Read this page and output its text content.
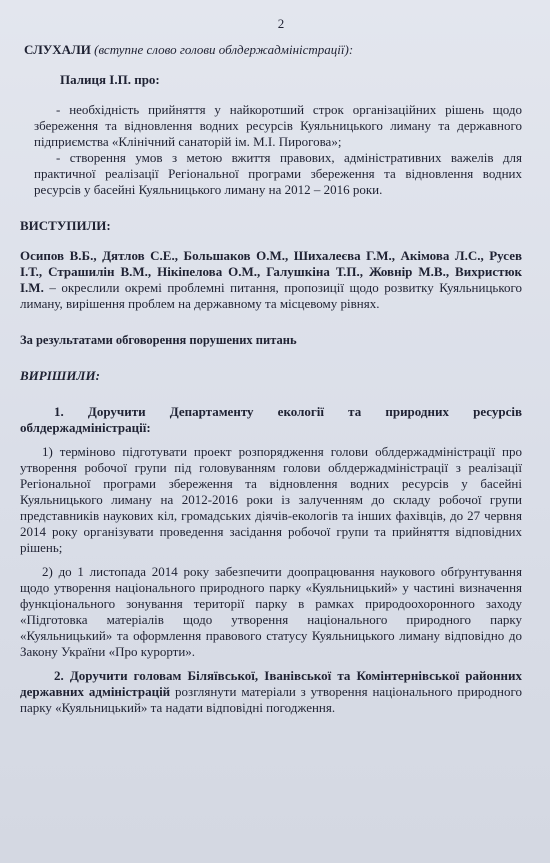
2

СЛУХАЛИ (вступне слово голови облдержадміністрації):

Палиця І.П. про:

- необхідність прийняття у найкоротший строк організаційних рішень щодо збереження та відновлення водних ресурсів Куяльницького лиману та державного підприємства «Клінічний санаторій ім. М.І. Пирогова»;

- створення умов з метою вжиття правових, адміністративних важелів для практичної реалізації Регіональної програми збереження та відновлення водних ресурсів у басейні Куяльницького лиману на 2012 – 2016 роки.

ВИСТУПИЛИ:

Осипов В.Б., Дятлов С.Е., Большаков О.М., Шихалеєва Г.М., Акімова Л.С., Русев І.Т., Страшилін В.М., Нікіпелова О.М., Галушкіна Т.П., Жовнір М.В., Вихристюк І.М. – окреслили окремі проблемні питання, пропозиції щодо розвитку Куяльницького лиману, вирішення проблем на державному та місцевому рівнях.

За результатами обговорення порушених питань

ВИРІШИЛИ:

1. Доручити Департаменту екології та природних ресурсів облдержадміністрації:

1) терміново підготувати проект розпорядження голови облдержадміністрації про утворення робочої групи під головуванням голови облдержадміністрації з реалізації Регіональної програми збереження та відновлення водних ресурсів у басейні Куяльницького лиману на 2012-2016 роки із залученням до складу робочої групи представників наукових кіл, громадських діячів-екологів та інших фахівців, до 27 червня 2014 року організувати проведення засідання робочої групи та прийняття відповідних рішень;

2) до 1 листопада 2014 року забезпечити доопрацювання наукового обґрунтування щодо утворення національного природного парку «Куяльницький» у частині визначення функціонального зонування території парку в рамках природоохоронного заходу «Підготовка матеріалів щодо утворення національного природного парку «Куяльницький» та оформлення правового статусу Куяльницького лиману відповідно до Закону України «Про курорти».

2. Доручити головам Біляївської, Іванівської та Комінтернівської районних державних адміністрацій розглянути матеріали з утворення національного природного парку «Куяльницький» та надати відповідні погодження.
